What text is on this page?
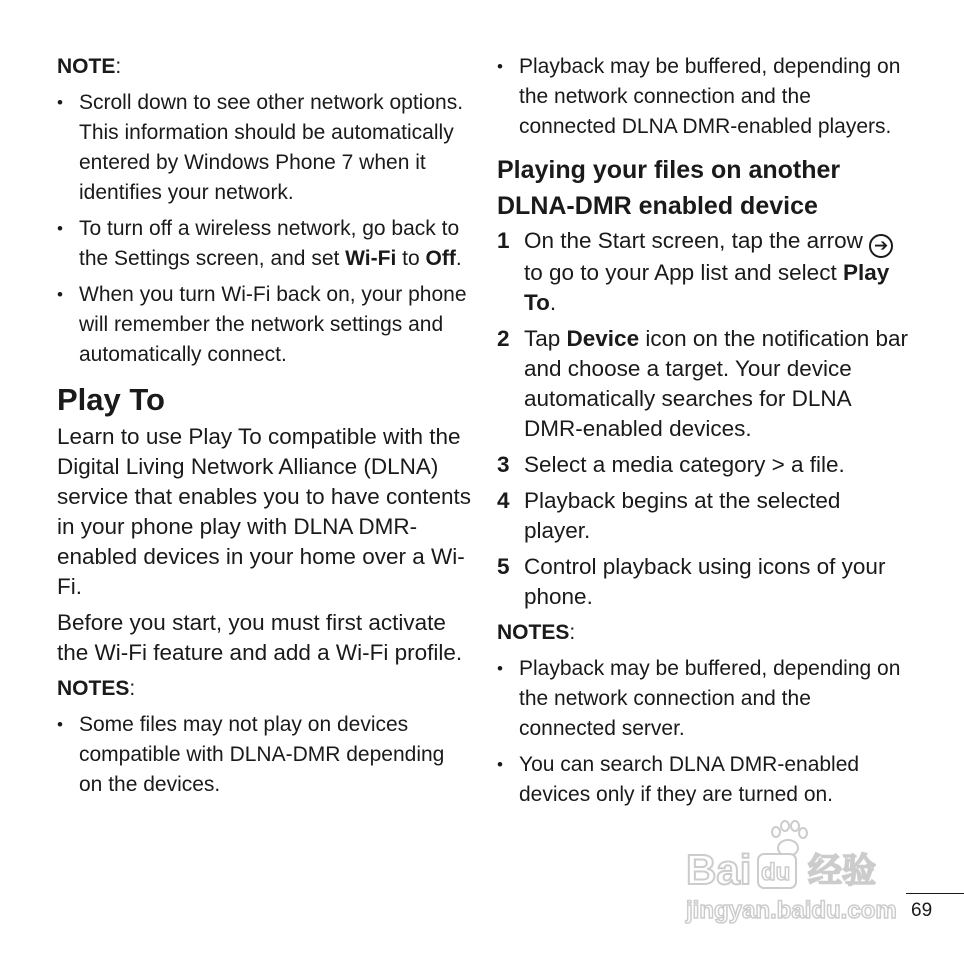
NOTE:
• Scroll down to see other network options. This information should be automatically entered by Windows Phone 7 when it identifies your network.
• To turn off a wireless network, go back to the Settings screen, and set Wi-Fi to Off.
• When you turn Wi-Fi back on, your phone will remember the network settings and automatically connect.
Play To

Learn to use Play To compatible with the Digital Living Network Alliance (DLNA) service that enables you to have contents in your phone play with DLNA DMR-enabled devices in your home over a Wi-Fi.

Before you start, you must first activate the Wi-Fi feature and add a Wi-Fi profile.

NOTES:
• Some files may not play on devices compatible with DLNA-DMR depending on the devices.
• Playback may be buffered, depending on the network connection and the connected DLNA DMR-enabled players.
Playing your files on another DLNA-DMR enabled device
1 On the Start screen, tap the arrow ➔ to go to your App list and select Play To.
2 Tap Device icon on the notification bar and choose a target. Your device automatically searches for DLNA DMR-enabled devices.
3 Select a media category > a file.
4 Playback begins at the selected player.
5 Control playback using icons of your phone.
NOTES:
• Playback may be buffered, depending on the network connection and the connected server.
• You can search DLNA DMR-enabled devices only if they are turned on.
Bai du 经验
jingyan.baidu.com 69
